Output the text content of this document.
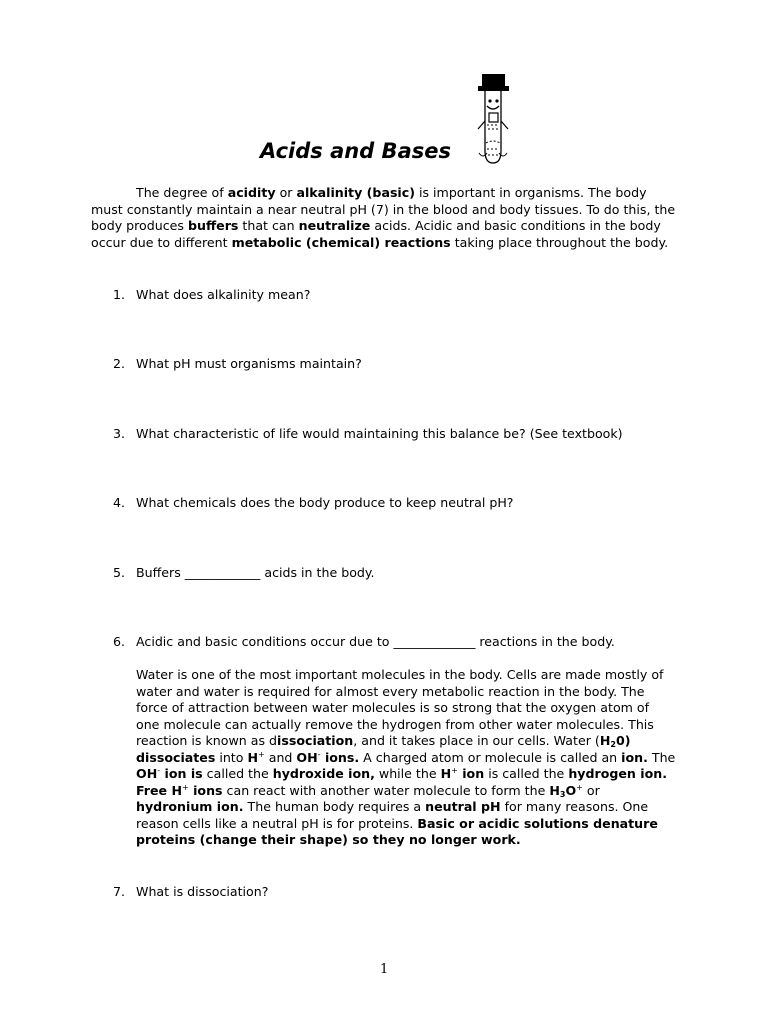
Acids and Bases
The degree of acidity or alkalinity (basic) is important in organisms. The body must constantly maintain a near neutral pH (7) in the blood and body tissues. To do this, the body produces buffers that can neutralize acids. Acidic and basic conditions in the body occur due to different metabolic (chemical) reactions taking place throughout the body.
1. What does alkalinity mean?
2. What pH must organisms maintain?
3. What characteristic of life would maintaining this balance be? (See textbook)
4. What chemicals does the body produce to keep neutral pH?
5. Buffers ____________ acids in the body.
6. Acidic and basic conditions occur due to _____________ reactions in the body.
Water is one of the most important molecules in the body. Cells are made mostly of water and water is required for almost every metabolic reaction in the body. The force of attraction between water molecules is so strong that the oxygen atom of one molecule can actually remove the hydrogen from other water molecules. This reaction is known as dissociation, and it takes place in our cells. Water $(H_20)$ dissociates into H+ and OH- ions. A charged atom or molecule is called an ion. The OH- ion is called the hydroxide ion, while the H+ ion is called the hydrogen ion. Free H+ ions can react with another water molecule to form the $H_3O^+$ or hydronium ion. The human body requires a neutral pH for many reasons. One reason cells like a neutral pH is for proteins. Basic or acidic solutions denature proteins (change their shape) so they no longer work.
7. What is dissociation?
1
